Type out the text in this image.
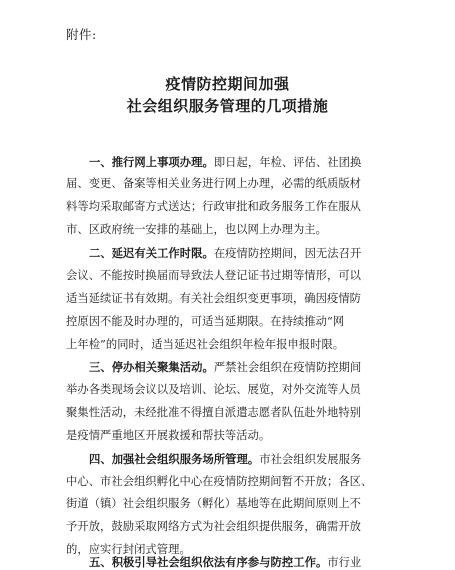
附件:
疫情防控期间加强
社会组织服务管理的几项措施
一、推行网上事项办理。即日起，年检、评估、社团换
届、变更、备案等相关业务进行网上办理，必需的纸质版材
料等均采取邮寄方式送达；行政审批和政务服务工作在服从
市、区政府统一安排的基础上，也以网上办理为主。
二、延迟有关工作时限。在疫情防控期间，因无法召开
会议、不能按时换届而导致法人登记证书过期等情形，可以
适当延续证书有效期。有关社会组织变更事项，确因疫情防
控原因不能及时办理的，可适当延期限。在持续推动“网
上年检”的同时，适当延迟社会组织年检年报申报时限。
三、停办相关聚集活动。严禁社会组织在疫情防控期间
举办各类现场会议以及培训、论坛、展览，对外交流等人员
聚集性活动，未经批准不得擅自派遣志愿者队伍赴外地特别
是疫情严重地区开展救援和帮扶等活动。
四、加强社会组织服务场所管理。市社会组织发展服务
中心、市社会组织孵化中心在疫情防控期间暂不开放；各区、
街道（镇）社会组织服务（孵化）基地等在此期间原则上不
予开放，鼓励采取网络方式为社会组织提供服务，确需开放
的，应实行封闭式管理。
五、积极引导社会组织依法有序参与防控工作。市行业
